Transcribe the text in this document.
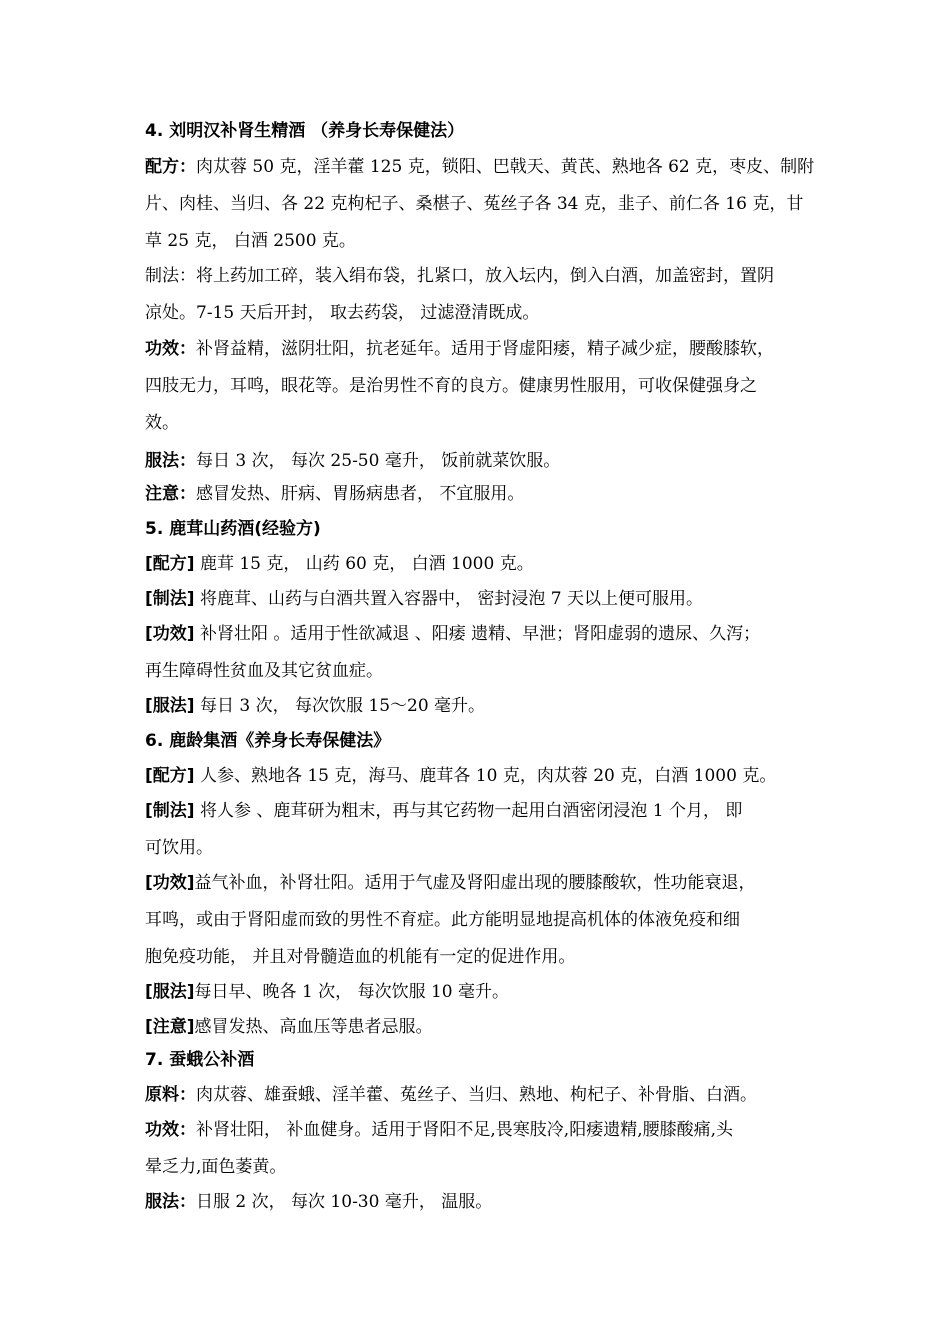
4. 刘明汉补肾生精酒 （养身长寿保健法）
配方：肉苁蓉 50 克，淫羊藿 125 克，锁阳、巴戟天、黄芪、熟地各 62 克，枣皮、制附
片、肉桂、当归、各 22 克枸杞子、桑椹子、菟丝子各 34 克，韭子、前仁各 16 克，甘
草 25 克， 白酒 2500 克。
制法：将上药加工碎，装入绢布袋，扎紧口，放入坛内，倒入白酒，加盖密封，置阴
凉处。7-15 天后开封， 取去药袋， 过滤澄清既成。
功效：补肾益精，滋阴壮阳，抗老延年。适用于肾虚阳痿，精子减少症，腰酸膝软，
四肢无力，耳鸣，眼花等。是治男性不育的良方。健康男性服用，可收保健强身之
效。
服法：每日 3 次， 每次 25-50 毫升， 饭前就菜饮服。
注意：感冒发热、肝病、胃肠病患者， 不宜服用。
5. 鹿茸山药酒(经验方)
[配方] 鹿茸 15 克， 山药 60 克， 白酒 1000 克。
[制法] 将鹿茸、山药与白酒共置入容器中， 密封浸泡 7 天以上便可服用。
[功效] 补肾壮阳 。适用于性欲减退 、阳痿 遗精、早泄；肾阳虚弱的遗尿、久泻；
再生障碍性贫血及其它贫血症。
[服法] 每日 3 次， 每次饮服 15～20 毫升。
6. 鹿龄集酒《养身长寿保健法》
[配方] 人参、熟地各 15 克，海马、鹿茸各 10 克，肉苁蓉 20 克，白酒 1000 克。
[制法] 将人参 、鹿茸研为粗末，再与其它药物一起用白酒密闭浸泡 1 个月， 即
可饮用。
[功效]益气补血，补肾壮阳。适用于气虚及肾阳虚出现的腰膝酸软，性功能衰退，
耳鸣，或由于肾阳虚而致的男性不育症。此方能明显地提高机体的体液免疫和细
胞免疫功能， 并且对骨髓造血的机能有一定的促进作用。
[服法]每日早、晚各 1 次， 每次饮服 10 毫升。
[注意]感冒发热、高血压等患者忌服。
7. 蚕蛾公补酒
原料：肉苁蓉、雄蚕蛾、淫羊藿、菟丝子、当归、熟地、枸杞子、补骨脂、白酒。
功效：补肾壮阳， 补血健身。适用于肾阳不足,畏寒肢冷,阳痿遗精,腰膝酸痛,头
晕乏力,面色萎黄。
服法：日服 2 次， 每次 10-30 毫升， 温服。
